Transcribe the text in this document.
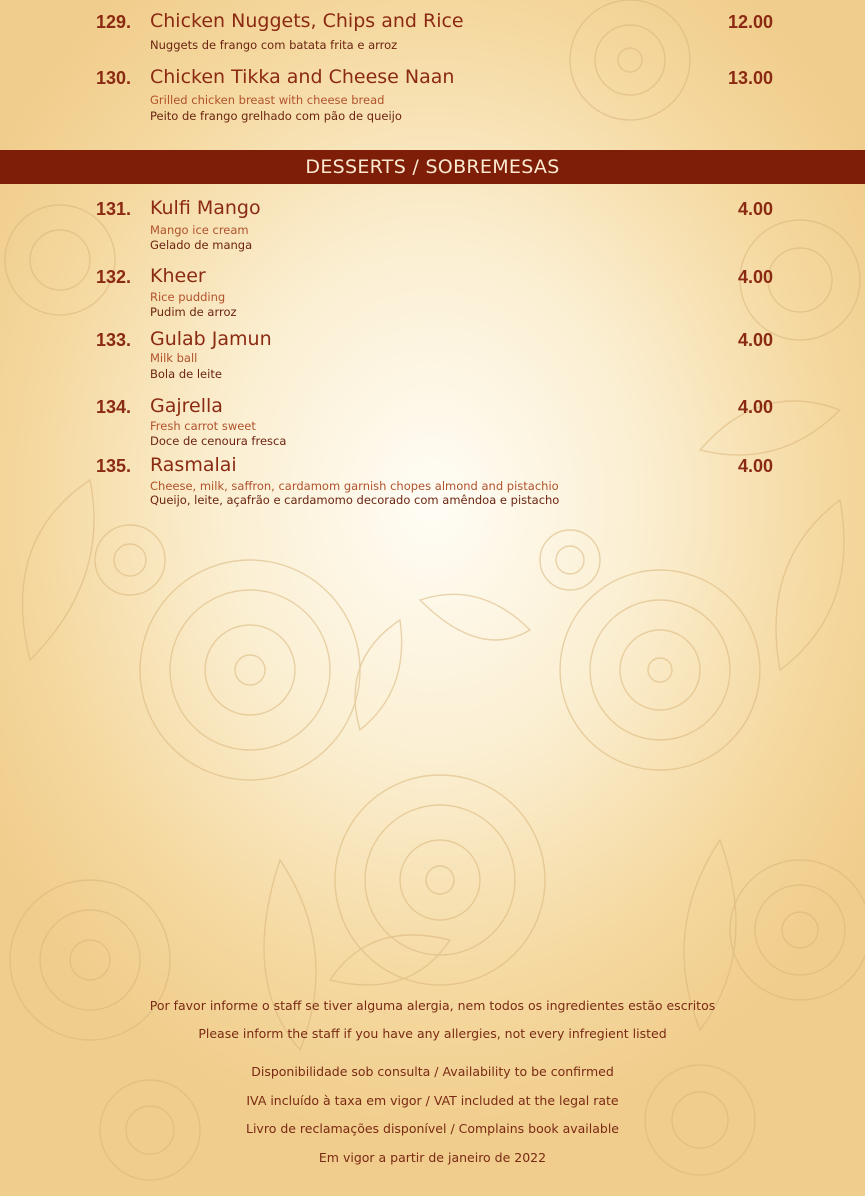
129. Chicken Nuggets, Chips and Rice	12.00
Nuggets de frango com batata frita e arroz
130. Chicken Tikka and Cheese Naan	13.00
Grilled chicken breast with cheese bread
Peito de frango grelhado com pão de queijo
DESSERTS / SOBREMESAS
131. Kulfi Mango	4.00
Mango ice cream
Gelado de manga
132. Kheer	4.00
Rice pudding
Pudim de arroz
133. Gulab Jamun	4.00
Milk ball
Bola de leite
134. Gajrella	4.00
Fresh carrot sweet
Doce de cenoura fresca
135. Rasmalai	4.00
Cheese, milk, saffron, cardamom garnish chopes almond and pistachio
Queijo, leite, açafrão e cardamomo decorado com amêndoa e pistacho
Por favor informe o staff se tiver alguma alergia, nem todos os ingredientes estão escritos
Please inform the staff if you have any allergies, not every infregient listed
Disponibilidade sob consulta / Availability to be confirmed
IVA incluído à taxa em vigor / VAT included at the legal rate
Livro de reclamações disponível / Complains book available
Em vigor a partir de janeiro de 2022
